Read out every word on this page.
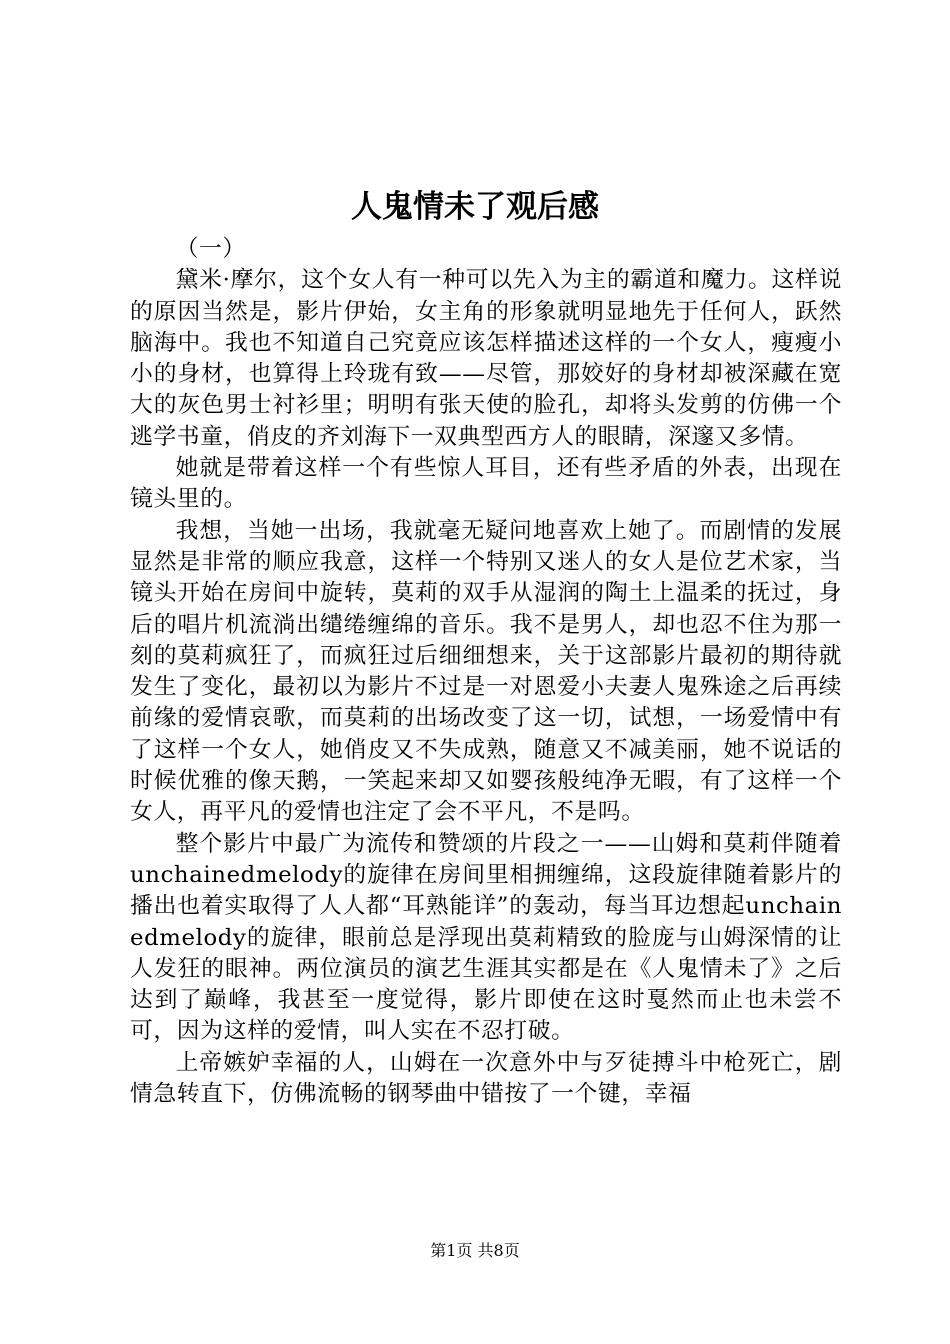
人鬼情未了观后感

（一）

黛米·摩尔，这个女人有一种可以先入为主的霸道和魔力。这样说的原因当然是，影片伊始，女主角的形象就明显地先于任何人，跃然脑海中。我也不知道自己究竟应该怎样描述这样的一个女人，瘦瘦小小的身材，也算得上玲珑有致——尽管，那姣好的身材却被深藏在宽大的灰色男士衬衫里；明明有张天使的脸孔，却将头发剪的仿佛一个逃学书童，俏皮的齐刘海下一双典型西方人的眼睛，深邃又多情。

她就是带着这样一个有些惊人耳目，还有些矛盾的外表，出现在镜头里的。

我想，当她一出场，我就毫无疑问地喜欢上她了。而剧情的发展显然是非常的顺应我意，这样一个特别又迷人的女人是位艺术家，当镜头开始在房间中旋转，莫莉的双手从湿润的陶土上温柔的抚过，身后的唱片机流淌出缱绻缠绵的音乐。我不是男人，却也忍不住为那一刻的莫莉疯狂了，而疯狂过后细细想来，关于这部影片最初的期待就发生了变化，最初以为影片不过是一对恩爱小夫妻人鬼殊途之后再续前缘的爱情哀歌，而莫莉的出场改变了这一切，试想，一场爱情中有了这样一个女人，她俏皮又不失成熟，随意又不减美丽，她不说话的时候优雅的像天鹅，一笑起来却又如婴孩般纯净无暇，有了这样一个女人，再平凡的爱情也注定了会不平凡，不是吗。

整个影片中最广为流传和赞颂的片段之一——山姆和莫莉伴随着unchainedmelody的旋律在房间里相拥缠绵，这段旋律随着影片的播出也着实取得了人人都“耳熟能详”的轰动，每当耳边想起unchainedmelody的旋律，眼前总是浮现出莫莉精致的脸庞与山姆深情的让人发狂的眼神。两位演员的演艺生涯其实都是在《人鬼情未了》之后达到了巅峰，我甚至一度觉得，影片即使在这时戛然而止也未尝不可，因为这样的爱情，叫人实在不忍打破。

上帝嫉妒幸福的人，山姆在一次意外中与歹徒搏斗中枪死亡，剧情急转直下，仿佛流畅的钢琴曲中错按了一个键，幸福

第1页 共8页
